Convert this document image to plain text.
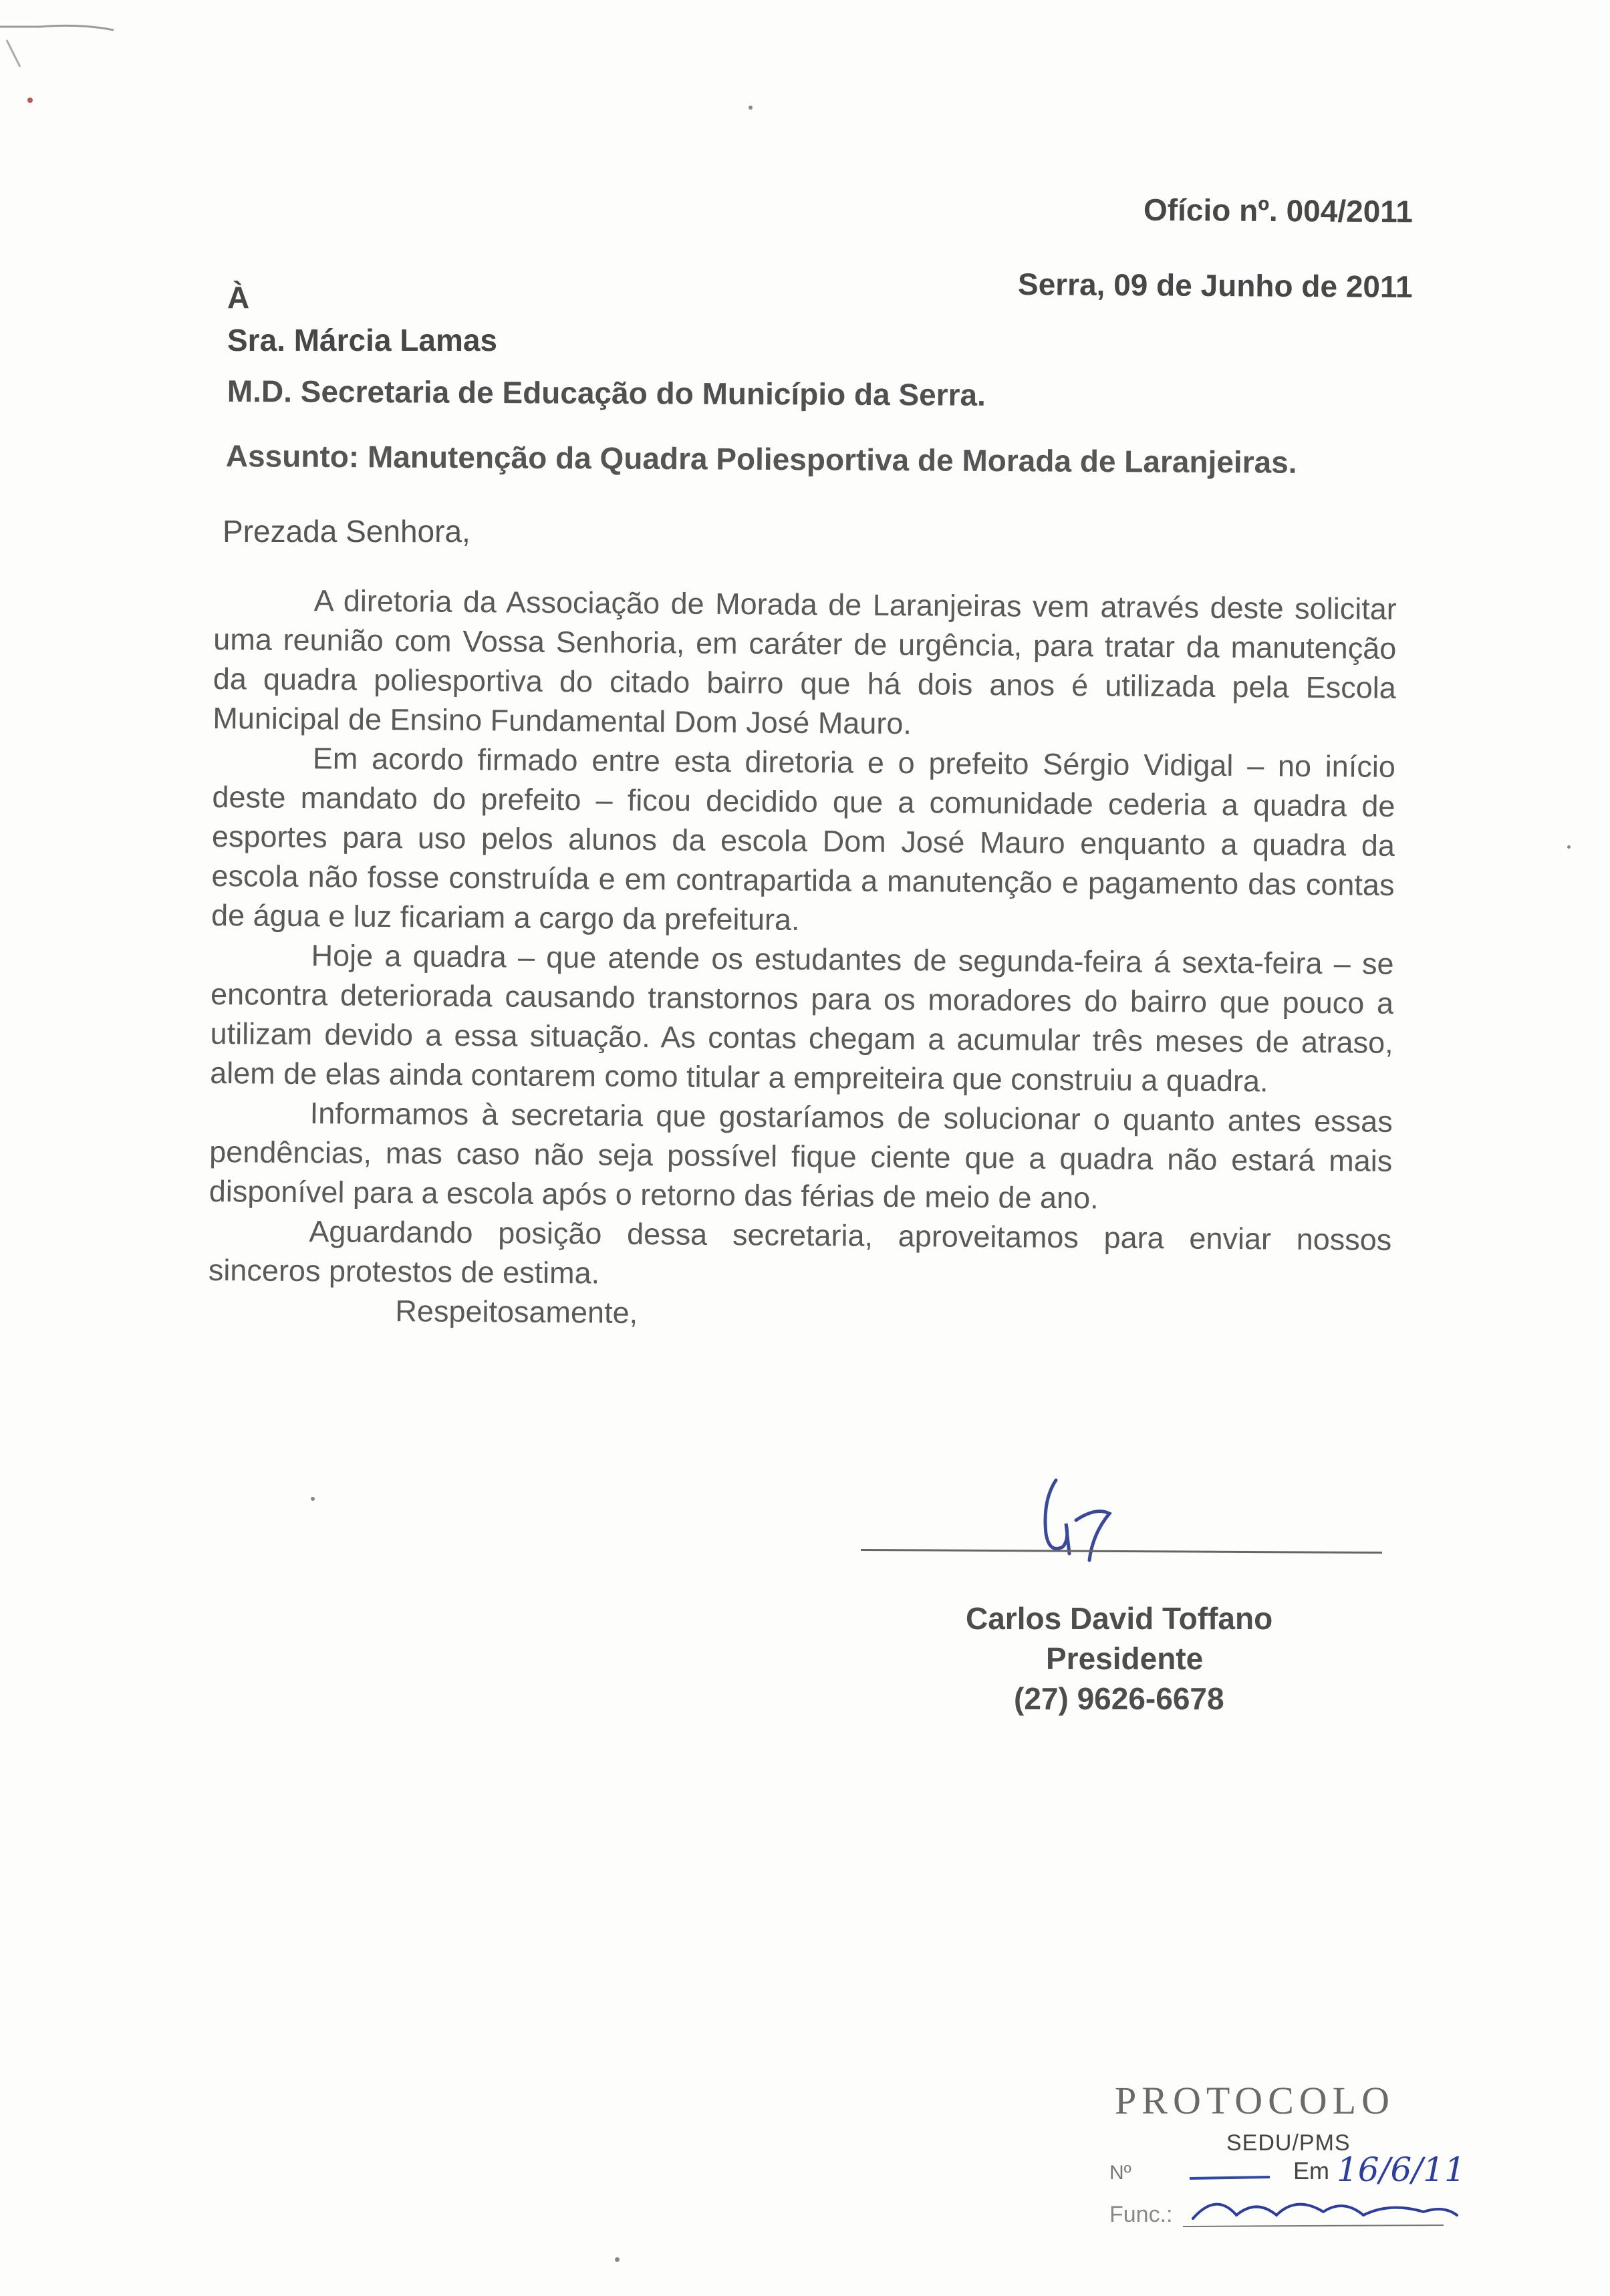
Ofício nº. 004/2011
Serra, 09 de Junho de 2011
À
Sra. Márcia Lamas
M.D. Secretaria de Educação do Município da Serra.
Assunto: Manutenção da Quadra Poliesportiva de Morada de Laranjeiras.
Prezada Senhora,

A diretoria da Associação de Morada de Laranjeiras vem através deste solicitar uma reunião com Vossa Senhoria, em caráter de urgência, para tratar da manutenção da quadra poliesportiva do citado bairro que há dois anos é utilizada pela Escola Municipal de Ensino Fundamental Dom José Mauro.

Em acordo firmado entre esta diretoria e o prefeito Sérgio Vidigal – no início deste mandato do prefeito – ficou decidido que a comunidade cederia a quadra de esportes para uso pelos alunos da escola Dom José Mauro enquanto a quadra da escola não fosse construída e em contrapartida a manutenção e pagamento das contas de água e luz ficariam a cargo da prefeitura.

Hoje a quadra – que atende os estudantes de segunda-feira á sexta-feira – se encontra deteriorada causando transtornos para os moradores do bairro que pouco a utilizam devido a essa situação. As contas chegam a acumular três meses de atraso, alem de elas ainda contarem como titular a empreiteira que construiu a quadra.

Informamos à secretaria que gostaríamos de solucionar o quanto antes essas pendências, mas caso não seja possível fique ciente que a quadra não estará mais disponível para a escola após o retorno das férias de meio de ano.

Aguardando posição dessa secretaria, aproveitamos para enviar nossos sinceros protestos de estima.

Respeitosamente,

Carlos David Toffano
Presidente
(27) 9626-6678
PROTOCOLO
SEDU/PMS
Nº	Em 16/6/11
Func.:
